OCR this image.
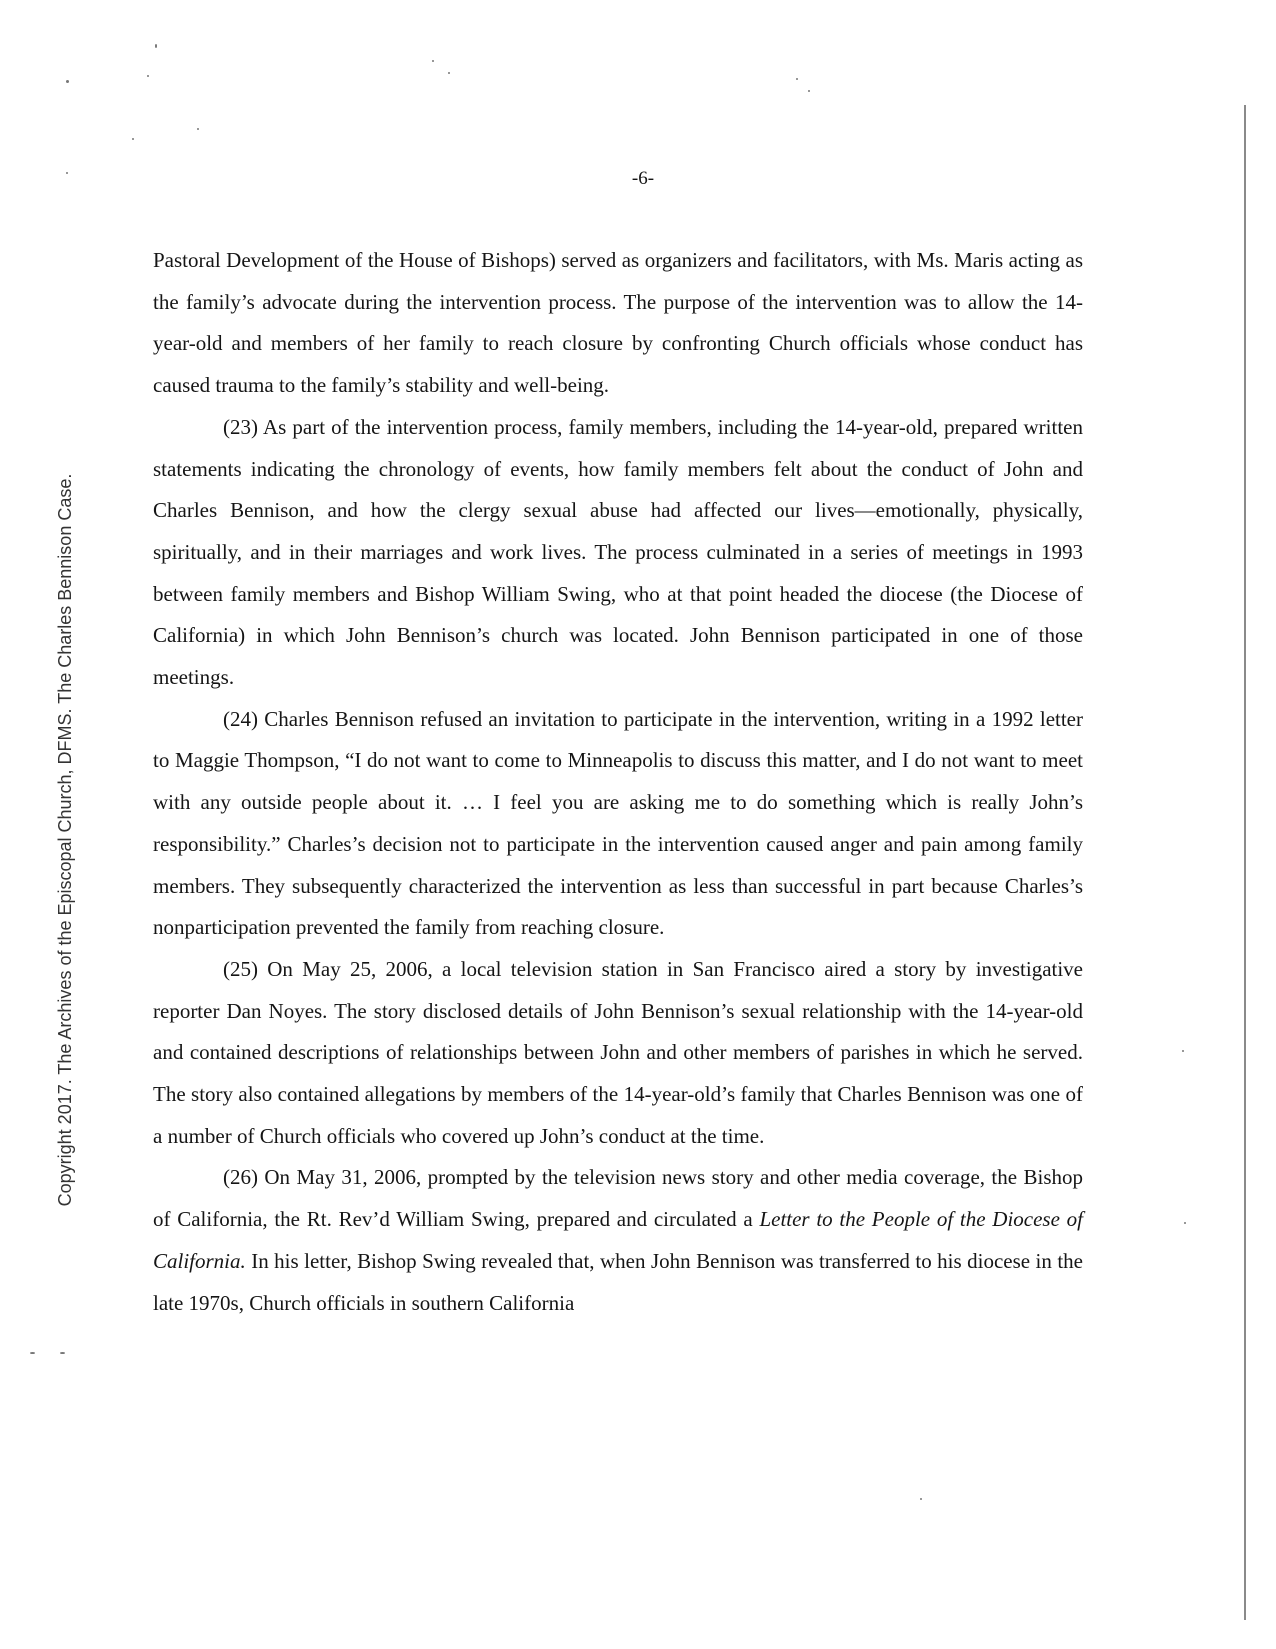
Copyright 2017. The Archives of the Episcopal Church, DFMS. The Charles Bennison Case.
-6-

Pastoral Development of the House of Bishops) served as organizers and facilitators, with Ms. Maris acting as the family’s advocate during the intervention process. The purpose of the intervention was to allow the 14-year-old and members of her family to reach closure by confronting Church officials whose conduct has caused trauma to the family’s stability and well-being.

(23) As part of the intervention process, family members, including the 14-year-old, prepared written statements indicating the chronology of events, how family members felt about the conduct of John and Charles Bennison, and how the clergy sexual abuse had affected our lives—emotionally, physically, spiritually, and in their marriages and work lives. The process culminated in a series of meetings in 1993 between family members and Bishop William Swing, who at that point headed the diocese (the Diocese of California) in which John Bennison’s church was located. John Bennison participated in one of those meetings.

(24) Charles Bennison refused an invitation to participate in the intervention, writing in a 1992 letter to Maggie Thompson, “I do not want to come to Minneapolis to discuss this matter, and I do not want to meet with any outside people about it. … I feel you are asking me to do something which is really John’s responsibility.” Charles’s decision not to participate in the intervention caused anger and pain among family members. They subsequently characterized the intervention as less than successful in part because Charles’s nonparticipation prevented the family from reaching closure.

(25) On May 25, 2006, a local television station in San Francisco aired a story by investigative reporter Dan Noyes. The story disclosed details of John Bennison’s sexual relationship with the 14-year-old and contained descriptions of relationships between John and other members of parishes in which he served. The story also contained allegations by members of the 14-year-old’s family that Charles Bennison was one of a number of Church officials who covered up John’s conduct at the time.

(26) On May 31, 2006, prompted by the television news story and other media coverage, the Bishop of California, the Rt. Rev’d William Swing, prepared and circulated a Letter to the People of the Diocese of California. In his letter, Bishop Swing revealed that, when John Bennison was transferred to his diocese in the late 1970s, Church officials in southern California
